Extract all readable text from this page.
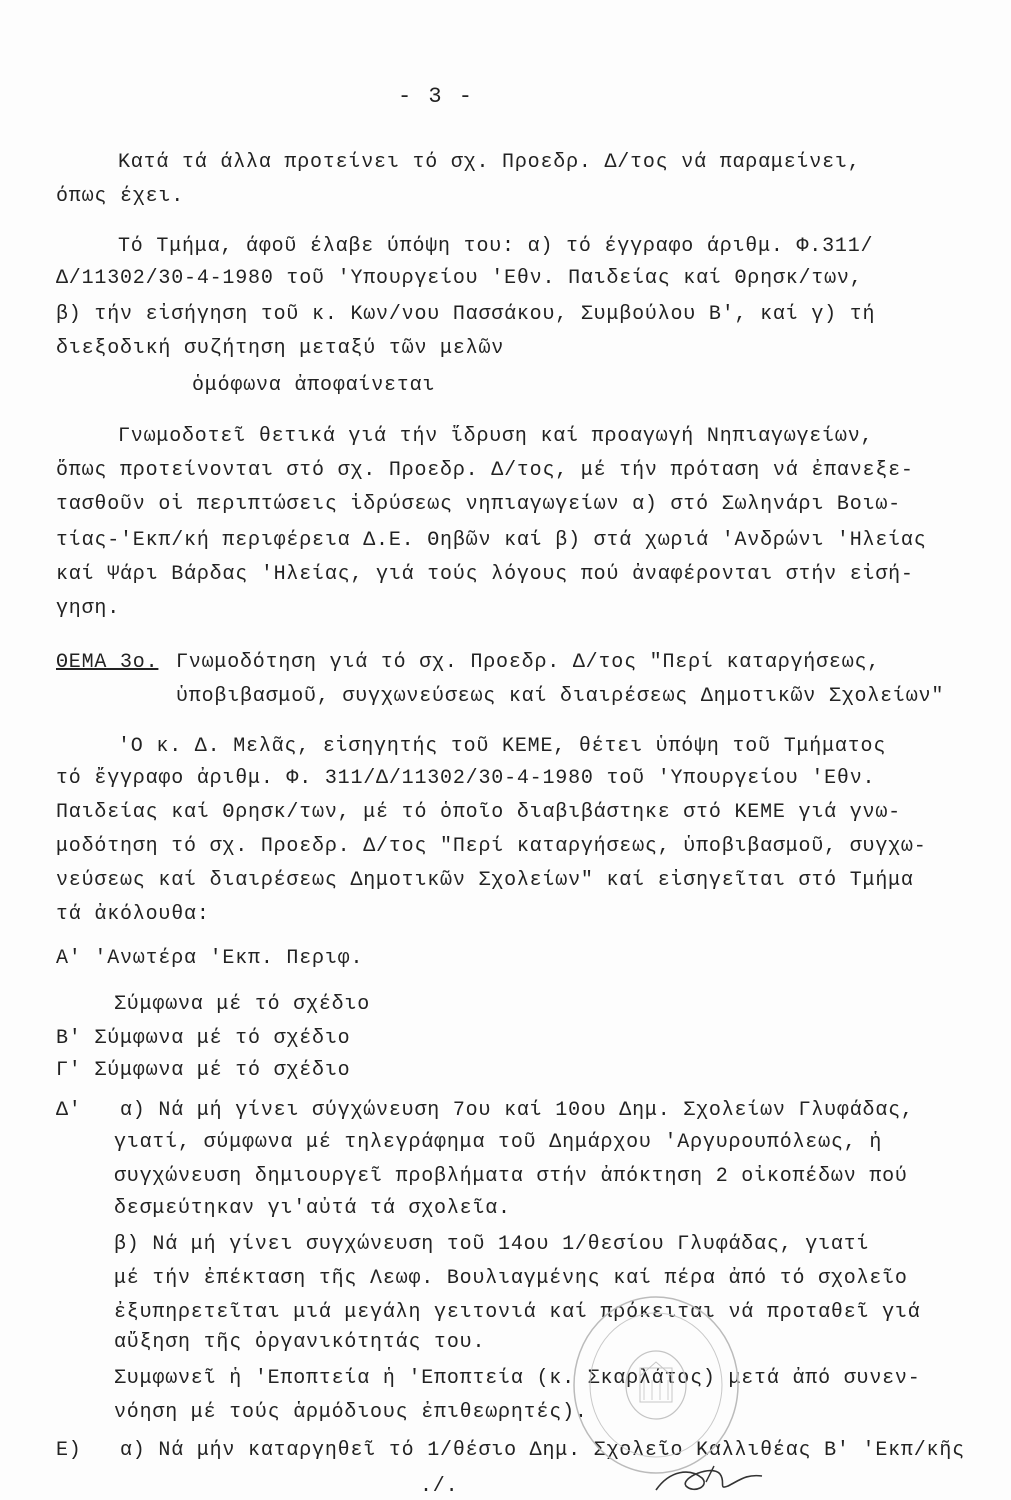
- 3 -
Κατά τά άλλα προτείνει τό σχ. Προεδρ. Δ/τος νά παραμείνει,
όπως έχει.
Τό Τμήμα, άφοῦ έλαβε ύπόψη του: α) τό έγγραφο άριθμ. Φ.311/
Δ/11302/30-4-1980 τοῦ 'Υπουργείου 'Εθν. Παιδείας καί Θρησκ/των,
β) τήν εἰσήγηση τοῦ κ. Κων/νου Πασσάκου, Συμβούλου Β', καί γ) τή
διεξοδική συζήτηση μεταξύ τῶν μελῶν
ὁμόφωνα ἀποφαίνεται
Γνωμοδοτεῖ θετικά γιά τήν ἵδρυση καί προαγωγή Νηπιαγωγείων,
ὅπως προτείνονται στό σχ. Προεδρ. Δ/τος, μέ τήν πρόταση νά ἐπανεξε-
τασθοῦν οἱ περιπτώσεις ἱδρύσεως νηπιαγωγείων α) στό Σωληνάρι Βοιω-
τίας-'Εκπ/κή περιφέρεια Δ.Ε. Θηβῶν καί β) στά χωριά 'Ανδρώνι 'Ηλείας
καί Ψάρι Βάρδας 'Ηλείας, γιά τούς λόγους πού ἀναφέρονται στήν εἰσή-
γηση.
ΘΕΜΑ 3ο. Γνωμοδότηση γιά τό σχ. Προεδρ. Δ/τος "Περί καταργήσεως,
ὑποβιβασμοῦ, συγχωνεύσεως καί διαιρέσεως Δημοτικῶν Σχολείων"
'Ο κ. Δ. Μελᾶς, εἰσηγητής τοῦ ΚΕΜΕ, θέτει ὑπόψη τοῦ Τμήματος
τό ἔγγραφο ἀριθμ. Φ. 311/Δ/11302/30-4-1980 τοῦ 'Υπουργείου 'Εθν.
Παιδείας καί Θρησκ/των, μέ τό ὁποῖο διαβιβάστηκε στό ΚΕΜΕ γιά γνω-
μοδότηση τό σχ. Προεδρ. Δ/τος "Περί καταργήσεως, ὑποβιβασμοῦ, συγχω-
νεύσεως καί διαιρέσεως Δημοτικῶν Σχολείων" καί εἰσηγεῖται στό Τμήμα
τά ἀκόλουθα:
Α' 'Ανωτέρα 'Εκπ. Περιφ.
Σύμφωνα μέ τό σχέδιο
Β' Σύμφωνα μέ τό σχέδιο
Γ' Σύμφωνα μέ τό σχέδιο
Δ'   α) Νά μή γίνει σύγχώνευση 7ου καί 10ου Δημ. Σχολείων Γλυφάδας,
γιατί, σύμφωνα μέ τηλεγράφημα τοῦ Δημάρχου 'Αργυρουπόλεως, ἡ
συγχώνευση δημιουργεῖ προβλήματα στήν ἀπόκτηση 2 οἰκοπέδων πού
δεσμεύτηκαν γι'αὐτά τά σχολεῖα.
β) Νά μή γίνει συγχώνευση τοῦ 14ου 1/θεσίου Γλυφάδας, γιατί
μέ τήν ἐπέκταση τῆς Λεωφ. Βουλιαγμένης καί πέρα ἀπό τό σχολεῖο
ἐξυπηρετεῖται μιά μεγάλη γειτονιά καί πρόκειται νά προταθεῖ γιά
αὔξηση τῆς ὀργανικότητάς του.
Συμφωνεῖ ἡ 'Εποπτεία ἡ 'Εποπτεία (κ. Σκαρλάτος) μετά ἀπό συνεν-
νόηση μέ τούς ἁρμόδιους ἐπιθεωρητές).
Ε)   α) Νά μήν καταργηθεῖ τό 1/θέσιο Δημ. Σχολεῖο Καλλιθέας Β' 'Εκπ/κῆς
./.
